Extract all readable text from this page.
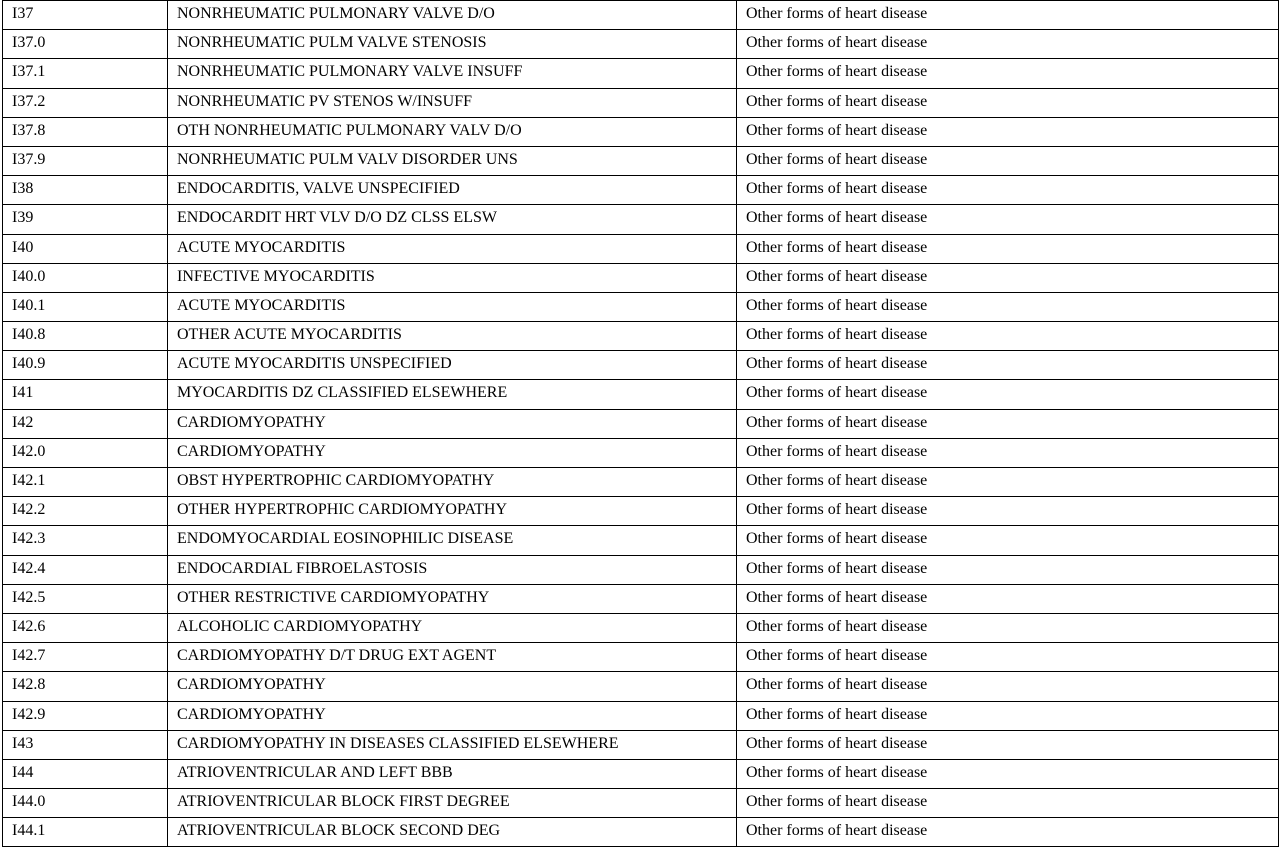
I37	NONRHEUMATIC PULMONARY VALVE D/O	Other forms of heart disease
I37.0	NONRHEUMATIC PULM VALVE STENOSIS	Other forms of heart disease
I37.1	NONRHEUMATIC PULMONARY VALVE INSUFF	Other forms of heart disease
I37.2	NONRHEUMATIC PV STENOS W/INSUFF	Other forms of heart disease
I37.8	OTH NONRHEUMATIC PULMONARY VALV D/O	Other forms of heart disease
I37.9	NONRHEUMATIC PULM VALV DISORDER UNS	Other forms of heart disease
I38	ENDOCARDITIS, VALVE UNSPECIFIED	Other forms of heart disease
I39	ENDOCARDIT HRT VLV D/O DZ CLSS ELSW	Other forms of heart disease
I40	ACUTE MYOCARDITIS	Other forms of heart disease
I40.0	INFECTIVE MYOCARDITIS	Other forms of heart disease
I40.1	ACUTE MYOCARDITIS	Other forms of heart disease
I40.8	OTHER ACUTE MYOCARDITIS	Other forms of heart disease
I40.9	ACUTE MYOCARDITIS UNSPECIFIED	Other forms of heart disease
I41	MYOCARDITIS DZ CLASSIFIED ELSEWHERE	Other forms of heart disease
I42	CARDIOMYOPATHY	Other forms of heart disease
I42.0	CARDIOMYOPATHY	Other forms of heart disease
I42.1	OBST HYPERTROPHIC CARDIOMYOPATHY	Other forms of heart disease
I42.2	OTHER HYPERTROPHIC CARDIOMYOPATHY	Other forms of heart disease
I42.3	ENDOMYOCARDIAL EOSINOPHILIC DISEASE	Other forms of heart disease
I42.4	ENDOCARDIAL FIBROELASTOSIS	Other forms of heart disease
I42.5	OTHER RESTRICTIVE CARDIOMYOPATHY	Other forms of heart disease
I42.6	ALCOHOLIC CARDIOMYOPATHY	Other forms of heart disease
I42.7	CARDIOMYOPATHY D/T DRUG EXT AGENT	Other forms of heart disease
I42.8	CARDIOMYOPATHY	Other forms of heart disease
I42.9	CARDIOMYOPATHY	Other forms of heart disease
I43	CARDIOMYOPATHY IN DISEASES CLASSIFIED ELSEWHERE	Other forms of heart disease
I44	ATRIOVENTRICULAR AND LEFT BBB	Other forms of heart disease
I44.0	ATRIOVENTRICULAR BLOCK FIRST DEGREE	Other forms of heart disease
I44.1	ATRIOVENTRICULAR BLOCK SECOND DEG	Other forms of heart disease
